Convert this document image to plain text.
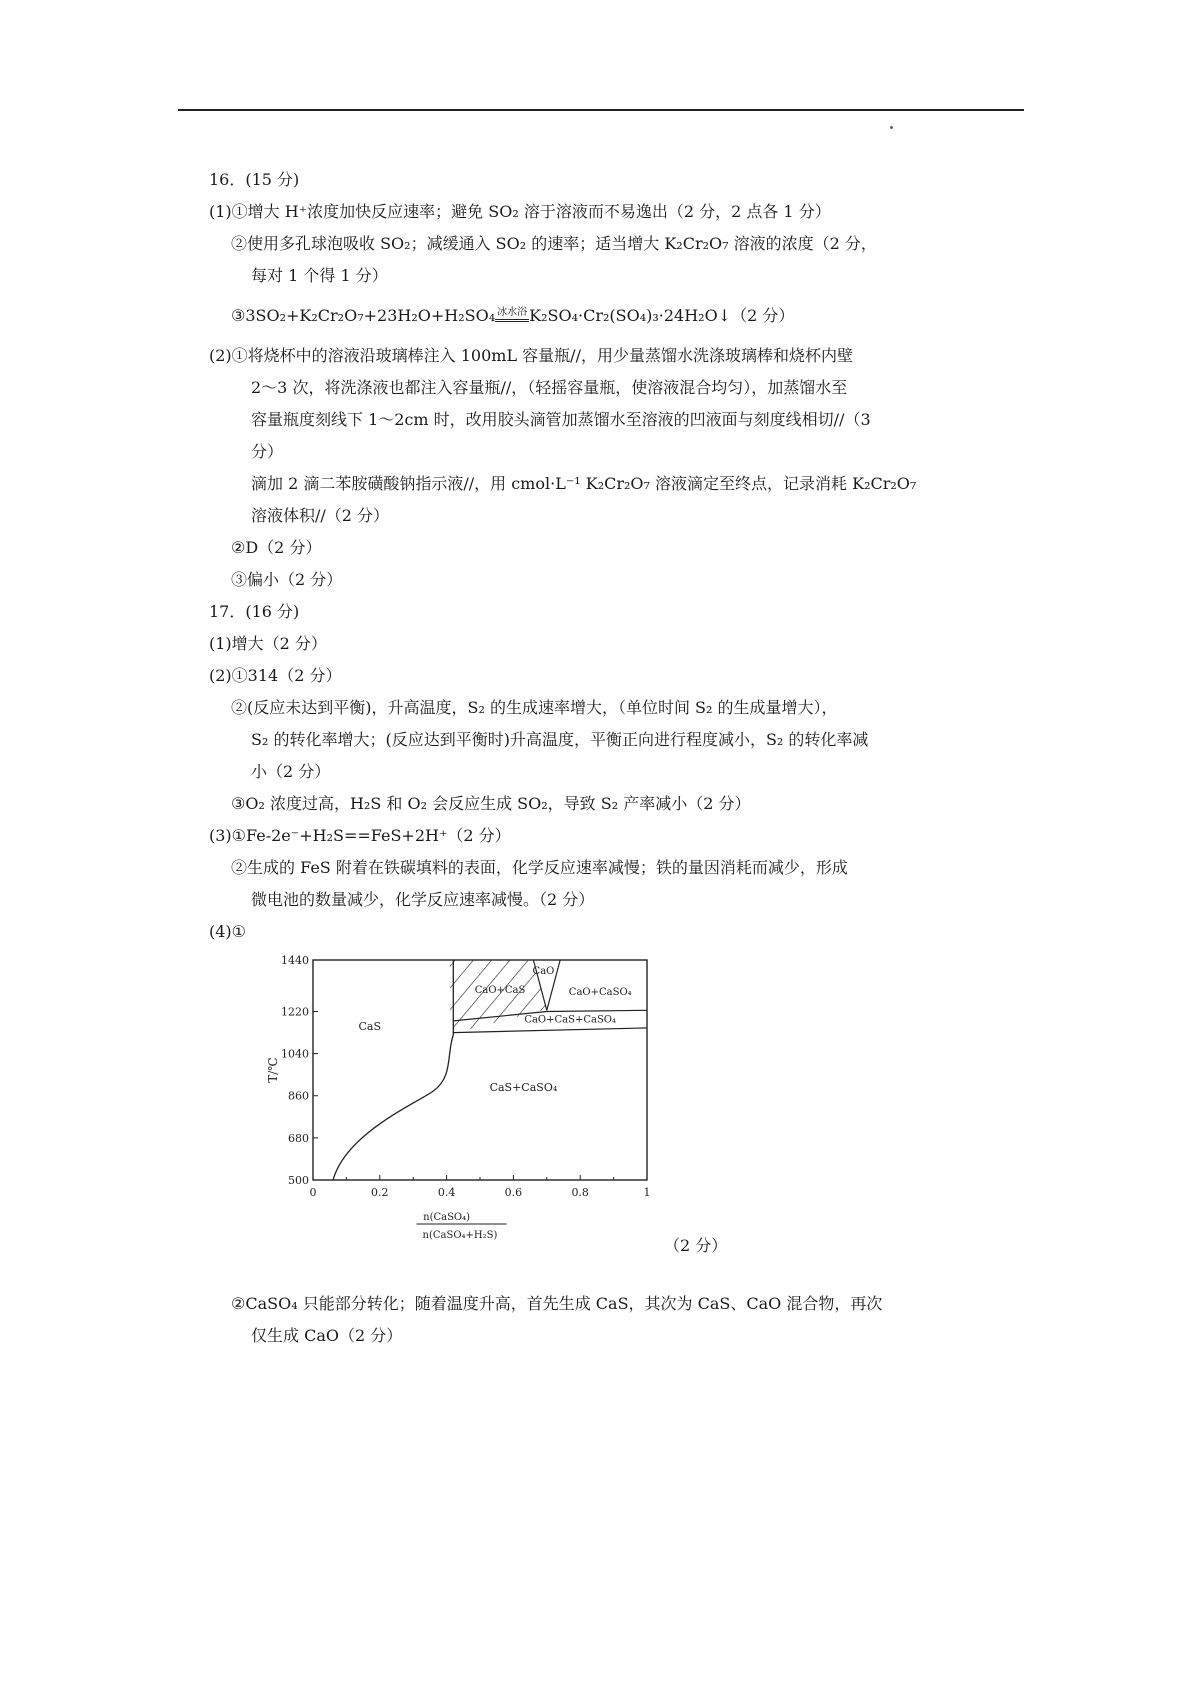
16．(15 分)
(1)①增大 H⁺浓度加快反应速率；避免 SO₂ 溶于溶液而不易逸出（2 分，2 点各 1 分）
②使用多孔球泡吸收 SO₂；减缓通入 SO₂ 的速率；适当增大 K₂Cr₂O₇ 溶液的浓度（2 分，
每对 1 个得 1 分）
③3SO₂+K₂Cr₂O₇+23H₂O+H₂SO₄ 冰水浴 K₂SO₄·Cr₂(SO₄)₃·24H₂O↓（2 分）
(2)①将烧杯中的溶液沿玻璃棒注入 100mL 容量瓶//，用少量蒸馏水洗涤玻璃棒和烧杯内壁
2～3 次，将洗涤液也都注入容量瓶//，（轻摇容量瓶，使溶液混合均匀），加蒸馏水至
容量瓶度刻线下 1～2cm 时，改用胶头滴管加蒸馏水至溶液的凹液面与刻度线相切//（3
分）
滴加 2 滴二苯胺磺酸钠指示液//，用 cmol·L⁻¹ K₂Cr₂O₇ 溶液滴定至终点，记录消耗 K₂Cr₂O₇
溶液体积//（2 分）
②D（2 分）
③偏小（2 分）
17．(16 分)
(1)增大（2 分）
(2)①314（2 分）
②(反应未达到平衡)，升高温度，S₂ 的生成速率增大，（单位时间 S₂ 的生成量增大），
S₂ 的转化率增大；(反应达到平衡时)升高温度，平衡正向进行程度减小，S₂ 的转化率减
小（2 分）
③O₂ 浓度过高，H₂S 和 O₂ 会反应生成 SO₂，导致 S₂ 产率减小（2 分）
(3)①Fe-2e⁻+H₂S==FeS+2H⁺（2 分）
②生成的 FeS 附着在铁碳填料的表面，化学反应速率减慢；铁的量因消耗而减少，形成
微电池的数量减少，化学反应速率减慢。（2 分）
(4)①
0	0.2	0.4	0.6	0.8	1
500
680
860
1040
1220
1440
T/℃
n(CaSO₄)
n(CaSO₄+H₂S)
CaS
CaS+CaSO₄
CaO+CaS
CaO
CaO+CaSO₄
CaO+CaS+CaSO₄
（2 分）
②CaSO₄ 只能部分转化；随着温度升高，首先生成 CaS，其次为 CaS、CaO 混合物，再次
仅生成 CaO（2 分）
